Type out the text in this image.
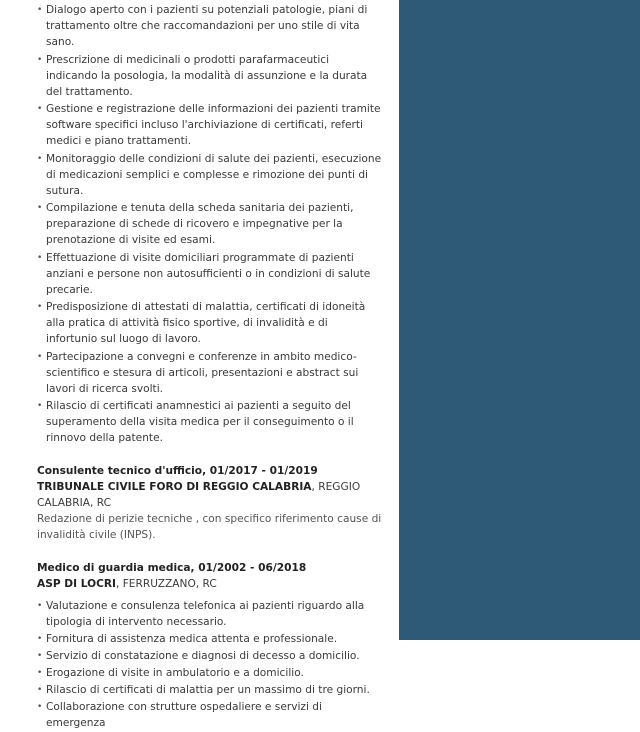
• Dialogo aperto con i pazienti su potenziali patologie, piani di trattamento oltre che raccomandazioni per uno stile di vita sano.
• Prescrizione di medicinali o prodotti parafarmaceutici indicando la posologia, la modalità di assunzione e la durata del trattamento.
• Gestione e registrazione delle informazioni dei pazienti tramite software specifici incluso l'archiviazione di certificati, referti medici e piano trattamenti.
• Monitoraggio delle condizioni di salute dei pazienti, esecuzione di medicazioni semplici e complesse e rimozione dei punti di sutura.
• Compilazione e tenuta della scheda sanitaria dei pazienti, preparazione di schede di ricovero e impegnative per la prenotazione di visite ed esami.
• Effettuazione di visite domiciliari programmate di pazienti anziani e persone non autosufficienti o in condizioni di salute precarie.
• Predisposizione di attestati di malattia, certificati di idoneità alla pratica di attività fisico sportive, di invalidità e di infortunio sul luogo di lavoro.
• Partecipazione a convegni e conferenze in ambito medico-scientifico e stesura di articoli, presentazioni e abstract sui lavori di ricerca svolti.
• Rilascio di certificati anamnestici ai pazienti a seguito del superamento della visita medica per il conseguimento o il rinnovo della patente.
Consulente tecnico d'ufficio, 01/2017 - 01/2019
TRIBUNALE CIVILE FORO DI REGGIO CALABRIA, REGGIO CALABRIA, RC
Redazione di perizie tecniche , con specifico riferimento cause di invalidità civile (INPS).
Medico di guardia medica, 01/2002 - 06/2018
ASP DI LOCRI, FERRUZZANO, RC
• Valutazione e consulenza telefonica ai pazienti riguardo alla tipologia di intervento necessario.
• Fornitura di assistenza medica attenta e professionale.
• Servizio di constatazione e diagnosi di decesso a domicilio.
• Erogazione di visite in ambulatorio e a domicilio.
• Rilascio di certificati di malattia per un massimo di tre giorni.
• Collaborazione con strutture ospedaliere e servizi di emergenza
